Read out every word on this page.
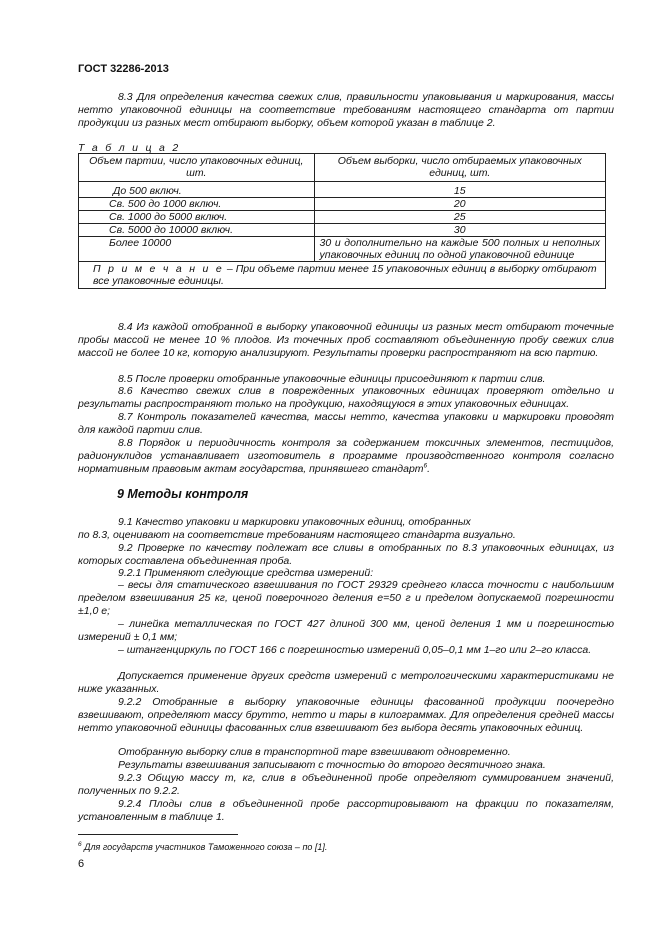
ГОСТ 32286-2013

8.3 Для определения качества свежих слив, правильности упаковывания и маркирования, массы нетто упаковочной единицы на соответствие требованиям настоящего стандарта от партии продукции из разных мест отбирают выборку, объем которой указан в таблице 2.

Т а б л и ц а 2
Объем партии, число упаковочных единиц, шт.	Объем выборки, число отбираемых упаковочных единиц, шт.
До 500 включ.	15
Св. 500 до 1000 включ.	20
Св. 1000 до 5000 включ.	25
Св. 5000 до 10000 включ.	30
Более 10000	30 и дополнительно на каждые 500 полных и неполных упаковочных единиц по одной упаковочной единице
П р и м е ч а н и е – При объеме партии менее 15 упаковочных единиц в выборку отбирают все упаковочные единицы.	

8.4 Из каждой отобранной в выборку упаковочной единицы из разных мест отбирают точечные пробы массой не менее 10 % плодов. Из точечных проб составляют объединенную пробу свежих слив массой не более 10 кг, которую анализируют. Результаты проверки распространяют на всю партию.

8.5 После проверки отобранные упаковочные единицы присоединяют к партии слив.

8.6 Качество свежих слив в поврежденных упаковочных единицах проверяют отдельно и результаты распространяют только на продукцию, находящуюся в этих упаковочных единицах.

8.7 Контроль показателей качества, массы нетто, качества упаковки и маркировки проводят для каждой партии слив.

8.8 Порядок и периодичность контроля за содержанием токсичных элементов, пестицидов, радионуклидов устанавливает изготовитель в программе производственного контроля согласно нормативным правовым актам государства, принявшего стандарт$^6$.

9 Методы контроля

9.1 Качество упаковки и маркировки упаковочных единиц, отобранных

по 8.3, оценивают на соответствие требованиям настоящего стандарта визуально.

9.2 Проверке по качеству подлежат все сливы в отобранных по 8.3 упаковочных единицах, из которых составлена объединенная проба.

9.2.1 Применяют следующие средства измерений:

– весы для статического взвешивания по ГОСТ 29329 среднего класса точности с наибольшим пределом взвешивания 25 кг, ценой поверочного деления е=50 г и пределом допускаемой погрешности ±1,0 е;

– линейка металлическая по ГОСТ 427 длиной 300 мм, ценой деления 1 мм и погрешностью измерений ± 0,1 мм;

– штангенциркуль по ГОСТ 166 с погрешностью измерений 0,05–0,1 мм 1–го или 2–го класса.

Допускается применение других средств измерений с метрологическими характеристиками не ниже указанных.

9.2.2 Отобранные в выборку упаковочные единицы фасованной продукции поочередно взвешивают, определяют массу брутто, нетто и тары в килограммах. Для определения средней массы нетто упаковочной единицы фасованных слив взвешивают без выбора десять упаковочных единиц.

Отобранную выборку слив в транспортной таре взвешивают одновременно.

Результаты взвешивания записывают с точностью до второго десятичного знака.

9.2.3 Общую массу m, кг, слив в объединенной пробе определяют суммированием значений, полученных по 9.2.2.

9.2.4 Плоды слив в объединенной пробе рассортировывают на фракции по показателям, установленным в таблице 1.

$^6$ Для государств участников Таможенного союза – по [1].
6
